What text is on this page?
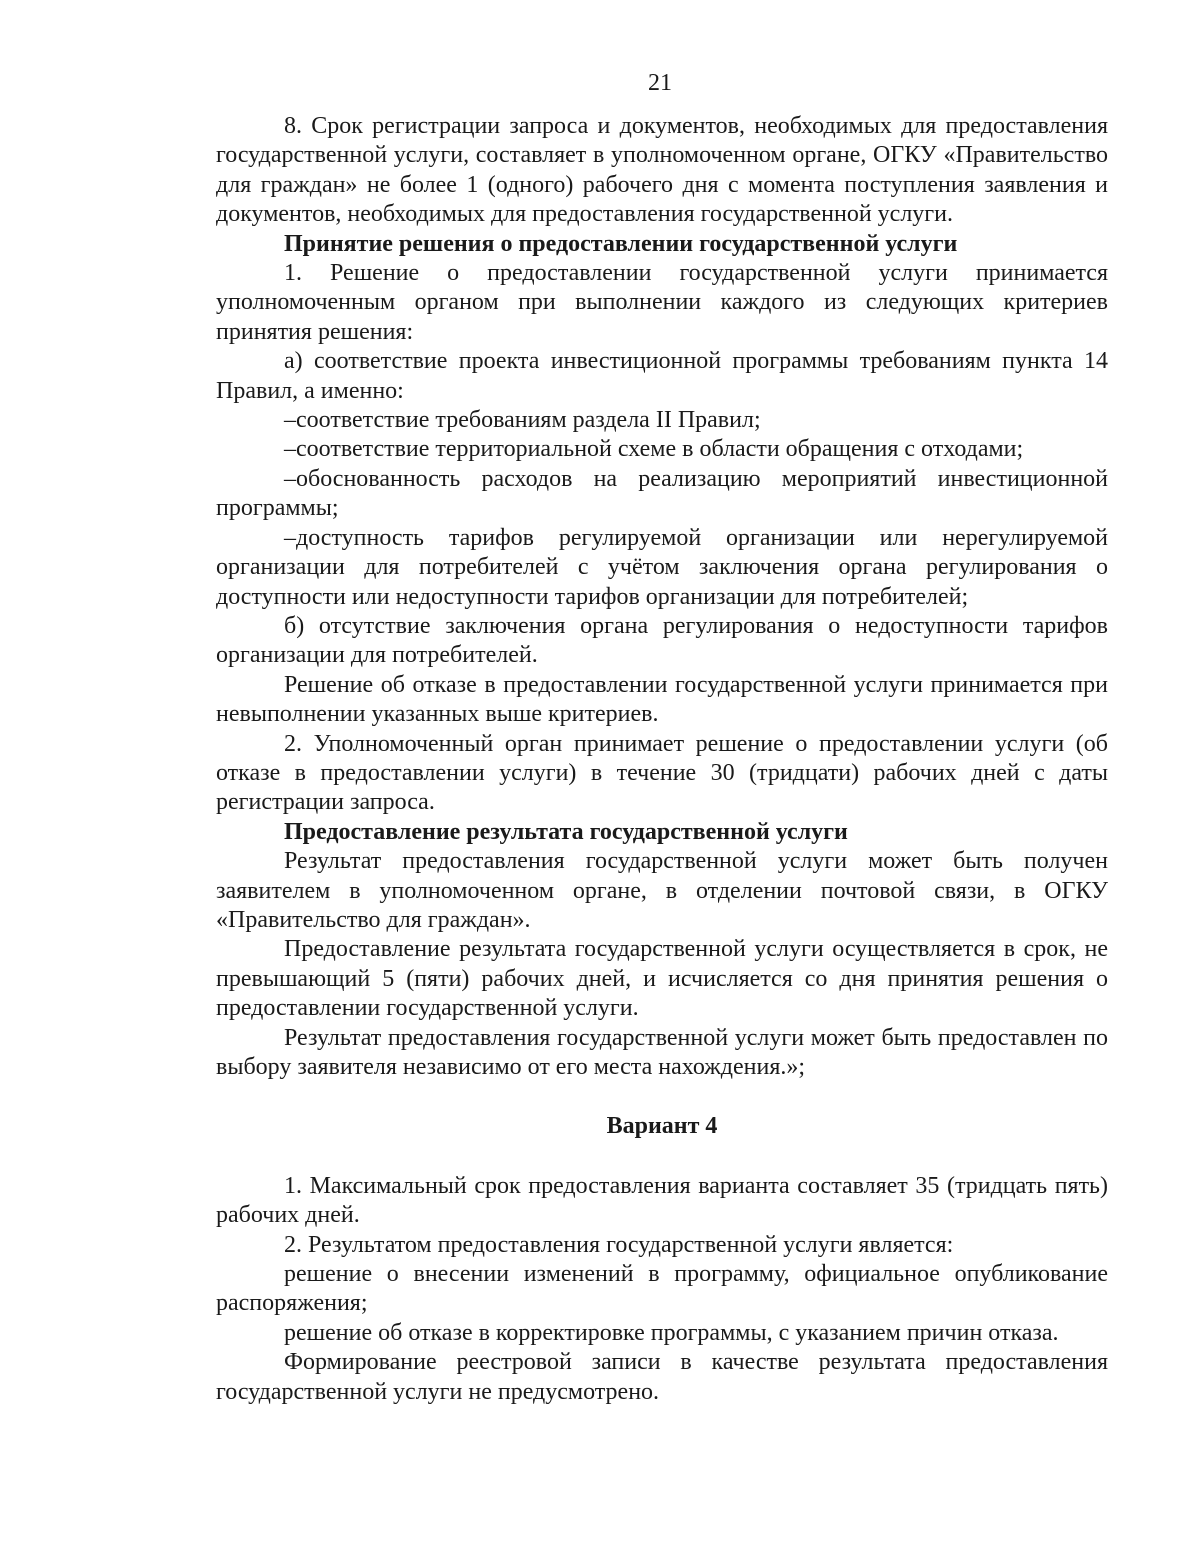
21

8. Срок регистрации запроса и документов, необходимых для предоставления государственной услуги, составляет в уполномоченном органе, ОГКУ «Правительство для граждан» не более 1 (одного) рабочего дня с момента поступления заявления и документов, необходимых для предоставления государственной услуги.

Принятие решения о предоставлении государственной услуги

1. Решение о предоставлении государственной услуги принимается уполномоченным органом при выполнении каждого из следующих критериев принятия решения:

а) соответствие проекта инвестиционной программы требованиям пункта 14 Правил, а именно:

–соответствие требованиям раздела II Правил;

–соответствие территориальной схеме в области обращения с отходами;

–обоснованность расходов на реализацию мероприятий инвестиционной программы;

–доступность тарифов регулируемой организации или нерегулируемой организации для потребителей с учётом заключения органа регулирования о доступности или недоступности тарифов организации для потребителей;

б) отсутствие заключения органа регулирования о недоступности тарифов организации для потребителей.

Решение об отказе в предоставлении государственной услуги принимается при невыполнении указанных выше критериев.

2. Уполномоченный орган принимает решение о предоставлении услуги (об отказе в предоставлении услуги) в течение 30 (тридцати) рабочих дней с даты регистрации запроса.

Предоставление результата государственной услуги

Результат предоставления государственной услуги может быть получен заявителем в уполномоченном органе, в отделении почтовой связи, в ОГКУ «Правительство для граждан».

Предоставление результата государственной услуги осуществляется в срок, не превышающий 5 (пяти) рабочих дней, и исчисляется со дня принятия решения о предоставлении государственной услуги.

Результат предоставления государственной услуги может быть предоставлен по выбору заявителя независимо от его места нахождения.»;

Вариант 4

1. Максимальный срок предоставления варианта составляет 35 (тридцать пять) рабочих дней.

2. Результатом предоставления государственной услуги является:

решение о внесении изменений в программу, официальное опубликование распоряжения;

решение об отказе в корректировке программы, с указанием причин отказа.

Формирование реестровой записи в качестве результата предоставления государственной услуги не предусмотрено.
